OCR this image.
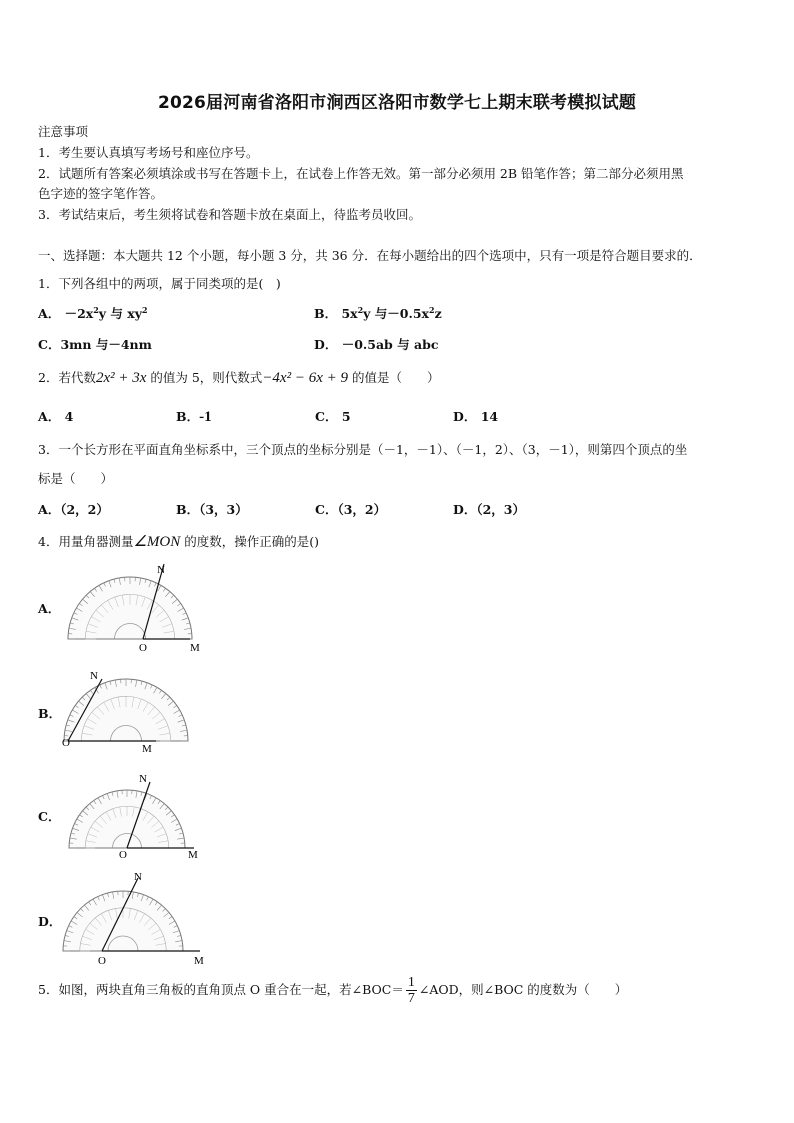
2026届河南省洛阳市涧西区洛阳市数学七上期末联考模拟试题
注意事项
1．考生要认真填写考场号和座位序号。
2．试题所有答案必须填涂或书写在答题卡上，在试卷上作答无效。第一部分必须用 2B 铅笔作答；第二部分必须用黑
色字迹的签字笔作答。
3．考试结束后，考生须将试卷和答题卡放在桌面上，待监考员收回。
一、选择题：本大题共 12 个小题，每小题 3 分，共 36 分．在每小题给出的四个选项中，只有一项是符合题目要求的．
1．下列各组中的两项，属于同类项的是(　)
A． $-2x^2y$ 与 $xy^2$	B． $5x^2y$ 与$-0.5x^2z$
C．3mn 与－4nm	D． －0.5ab 与 abc
2．若代数2x² + 3x 的值为 5，则代数式−4x² − 6x + 9 的值是（　　）
A． 4	B．-1	C． 5	D． 14
3．一个长方形在平面直角坐标系中，三个顶点的坐标分别是（－1，－1）、（－1，2）、（3，－1），则第四个顶点的坐
标是（　　）
A．（2，2）	B．（3，3）	C．（3，2）	D．（2，3）
4．用量角器测量∠MON 的度数，操作正确的是()
A．
B．
C．
D．
N
O	M
N
O	M
N
O	M
N
O	M
5．如图，两块直角三角板的直角顶点 O 重合在一起，若∠BOC＝ $\frac{1}{7}$ ∠AOD，则∠BOC 的度数为（　　）
